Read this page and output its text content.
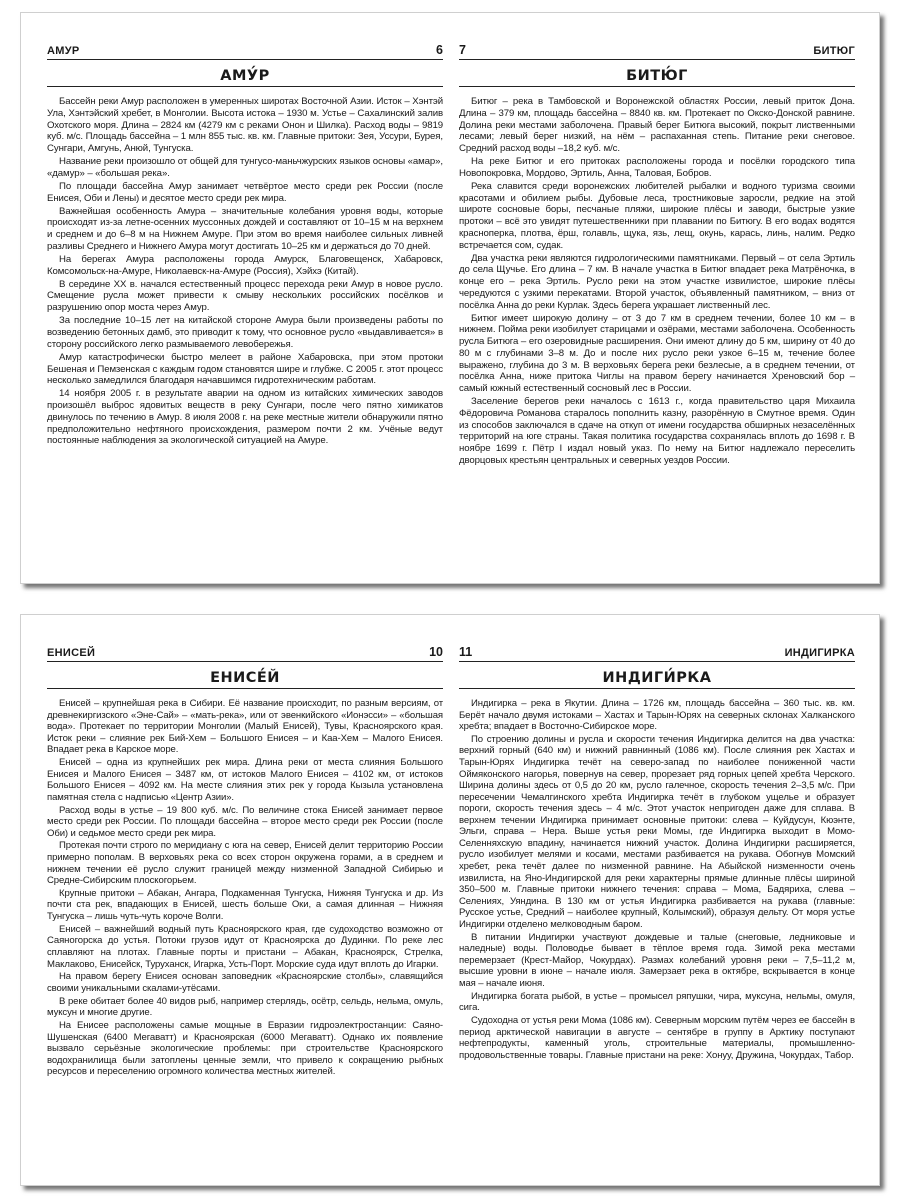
АМУР	6
АМУ́Р

Бассейн реки Амур расположен в умеренных широтах Восточной Азии. Исток – Хэнтэй Ула, Хэнтэйский хребет, в Монголии. Высота истока – 1930 м. Устье – Сахалинский залив Охотского моря. Длина – 2824 км (4279 км с реками Онон и Шилка). Расход воды – 9819 куб. м/с. Площадь бассейна – 1 млн 855 тыс. кв. км. Главные притоки: Зея, Уссури, Бурея, Сунгари, Амгунь, Анюй, Тунгуска.

Название реки произошло от общей для тунгусо-маньчжурских языков основы «амар», «дамур» – «большая река».

По площади бассейна Амур занимает четвёртое место среди рек России (после Енисея, Оби и Лены) и десятое место среди рек мира.

Важнейшая особенность Амура – значительные колебания уровня воды, которые происходят из-за летне-осенних муссонных дождей и составляют от 10–15 м на верхнем и среднем и до 6–8 м на Нижнем Амуре. При этом во время наиболее сильных ливней разливы Среднего и Нижнего Амура могут достигать 10–25 км и держаться до 70 дней.

На берегах Амура расположены города Амурск, Благовещенск, Хабаровск, Комсомольск-на-Амуре, Николаевск-на-Амуре (Россия), Хэйхэ (Китай).

В середине XX в. начался естественный процесс перехода реки Амур в новое русло. Смещение русла может привести к смыву нескольких российских посёлков и разрушению опор моста через Амур.

За последние 10–15 лет на китайской стороне Амура были произведены работы по возведению бетонных дамб, это приводит к тому, что основное русло «выдавливается» в сторону российского легко размываемого левобережья.

Амур катастрофически быстро мелеет в районе Хабаровска, при этом протоки Бешеная и Пемзенская с каждым годом становятся шире и глубже. С 2005 г. этот процесс несколько замедлился благодаря начавшимся гидротехническим работам.

14 ноября 2005 г. в результате аварии на одном из китайских химических заводов произошёл выброс ядовитых веществ в реку Сунгари, после чего пятно химикатов двинулось по течению в Амур. 8 июля 2008 г. на реке местные жители обнаружили пятно предположительно нефтяного происхождения, размером почти 2 км. Учёные ведут постоянные наблюдения за экологической ситуацией на Амуре.

7	БИТЮГ
БИТЮ́Г

Битюг – река в Тамбовской и Воронежской областях России, левый приток Дона. Длина – 379 км, площадь бассейна – 8840 кв. км. Протекает по Окско-Донской равнине. Долина реки местами заболочена. Правый берег Битюга высокий, покрыт лиственными лесами; левый берег низкий, на нём – распаханная степь. Питание реки снеговое. Средний расход воды –18,2 куб. м/с.

На реке Битюг и его притоках расположены города и посёлки городского типа Новопокровка, Мордово, Эртиль, Анна, Таловая, Бобров.

Река славится среди воронежских любителей рыбалки и водного туризма своими красотами и обилием рыбы. Дубовые леса, тростниковые заросли, редкие на этой широте сосновые боры, песчаные пляжи, широкие плёсы и заводи, быстрые узкие протоки – всё это увидят путешественники при плавании по Битюгу. В его водах водятся красноперка, плотва, ёрш, голавль, щука, язь, лещ, окунь, карась, линь, налим. Редко встречается сом, судак.

Два участка реки являются гидрологическими памятниками. Первый – от села Эртиль до села Щучье. Его длина – 7 км. В начале участка в Битюг впадает река Матрёночка, в конце его – река Эртиль. Русло реки на этом участке извилистое, широкие плёсы чередуются с узкими перекатами. Второй участок, объявленный памятником, – вниз от посёлка Анна до реки Курлак. Здесь берега украшает лиственный лес.

Битюг имеет широкую долину – от 3 до 7 км в среднем течении, более 10 км – в нижнем. Пойма реки изобилует старицами и озёрами, местами заболочена. Особенность русла Битюга – его озеровидные расширения. Они имеют длину до 5 км, ширину от 40 до 80 м с глубинами 3–8 м. До и после них русло реки узкое 6–15 м, течение более выражено, глубина до 3 м. В верховьях берега реки безлесые, а в среднем течении, от посёлка Анна, ниже притока Чиглы на правом берегу начинается Хреновский бор – самый южный естественный сосновый лес в России.

Заселение берегов реки началось с 1613 г., когда правительство царя Михаила Фёдоровича Романова старалось пополнить казну, разорённую в Смутное время. Один из способов заключался в сдаче на откуп от имени государства обширных незаселённых территорий на юге страны. Такая политика государства сохранялась вплоть до 1698 г. В ноябре 1699 г. Пётр I издал новый указ. По нему на Битюг надлежало переселить дворцовых крестьян центральных и северных уездов России.

ЕНИСЕЙ	10
ЕНИСЕ́Й

Енисей – крупнейшая река в Сибири. Её название происходит, по разным версиям, от древнекиргизского «Эне-Сай» – «мать-река», или от эвенкийского «Ионэсси» – «большая вода». Протекает по территории Монголии (Малый Енисей), Тувы, Красноярского края. Исток реки – слияние рек Бий-Хем – Большого Енисея – и Каа-Хем – Малого Енисея. Впадает река в Карское море.

Енисей – одна из крупнейших рек мира. Длина реки от места слияния Большого Енисея и Малого Енисея – 3487 км, от истоков Малого Енисея – 4102 км, от истоков Большого Енисея – 4092 км. На месте слияния этих рек у города Кызыла установлена памятная стела с надписью «Центр Азии».

Расход воды в устье – 19 800 куб. м/с. По величине стока Енисей занимает первое место среди рек России. По площади бассейна – второе место среди рек России (после Оби) и седьмое место среди рек мира.

Протекая почти строго по меридиану с юга на север, Енисей делит территорию России примерно пополам. В верховьях река со всех сторон окружена горами, а в среднем и нижнем течении её русло служит границей между низменной Западной Сибирью и Средне-Сибирским плоскогорьем.

Крупные притоки – Абакан, Ангара, Подкаменная Тунгуска, Нижняя Тунгуска и др. Из почти ста рек, впадающих в Енисей, шесть больше Оки, а самая длинная – Нижняя Тунгуска – лишь чуть-чуть короче Волги.

Енисей – важнейший водный путь Красноярского края, где судоходство возможно от Саяногорска до устья. Потоки грузов идут от Красноярска до Дудинки. По реке лес сплавляют на плотах. Главные порты и пристани – Абакан, Красноярск, Стрелка, Маклаково, Енисейск, Туруханск, Игарка, Усть-Порт. Морские суда идут вплоть до Игарки.

На правом берегу Енисея основан заповедник «Красноярские столбы», славящийся своими уникальными скалами-утёсами.

В реке обитает более 40 видов рыб, например стерлядь, осётр, сельдь, нельма, омуль, муксун и многие другие.

На Енисее расположены самые мощные в Евразии гидроэлектростанции: Саяно-Шушенская (6400 Мегаватт) и Красноярская (6000 Мегаватт). Однако их появление вызвало серьёзные экологические проблемы: при строительстве Красноярского водохранилища были затоплены ценные земли, что привело к сокращению рыбных ресурсов и переселению огромного количества местных жителей.

11	ИНДИГИРКА
ИНДИГИ́РКА

Индигирка – река в Якутии. Длина – 1726 км, площадь бассейна – 360 тыс. кв. км. Берёт начало двумя истоками – Хастах и Тарын-Юрях на северных склонах Халканского хребта; впадает в Восточно-Сибирское море.

По строению долины и русла и скорости течения Индигирка делится на два участка: верхний горный (640 км) и нижний равнинный (1086 км). После слияния рек Хастах и Тарын-Юрях Индигирка течёт на северо-запад по наиболее пониженной части Оймяконского нагорья, повернув на север, прорезает ряд горных цепей хребта Черского. Ширина долины здесь от 0,5 до 20 км, русло галечное, скорость течения 2–3,5 м/с. При пересечении Чемалгинского хребта Индигирка течёт в глубоком ущелье и образует пороги, скорость течения здесь – 4 м/с. Этот участок непригоден даже для сплава. В верхнем течении Индигирка принимает основные притоки: слева – Куйдусун, Кюэнте, Эльги, справа – Нера. Выше устья реки Момы, где Индигирка выходит в Момо-Селенняхскую впадину, начинается нижний участок. Долина Индигирки расширяется, русло изобилует мелями и косами, местами разбивается на рукава. Обогнув Момский хребет, река течёт далее по низменной равнине. На Абыйской низменности очень извилиста, на Яно-Индигирской для реки характерны прямые длинные плёсы шириной 350–500 м. Главные притоки нижнего течения: справа – Мома, Бадяриха, слева – Селениях, Уяндина. В 130 км от устья Индигирка разбивается на рукава (главные: Русское устье, Средний – наиболее крупный, Колымский), образуя дельту. От моря устье Индигирки отделено мелководным баром.

В питании Индигирки участвуют дождевые и талые (снеговые, ледниковые и наледные) воды. Половодье бывает в тёплое время года. Зимой река местами перемерзает (Крест-Майор, Чокурдах). Размах колебаний уровня реки – 7,5–11,2 м, высшие уровни в июне – начале июля. Замерзает река в октябре, вскрывается в конце мая – начале июня.

Индигирка богата рыбой, в устье – промысел ряпушки, чира, муксуна, нельмы, омуля, сига.

Судоходна от устья реки Мома (1086 км). Северным морским путём через ее бассейн в период арктической навигации в августе – сентябре в группу в Арктику поступают нефтепродукты, каменный уголь, строительные материалы, промышленно-продовольственные товары. Главные пристани на реке: Хонуу, Дружина, Чокурдах, Табор.
